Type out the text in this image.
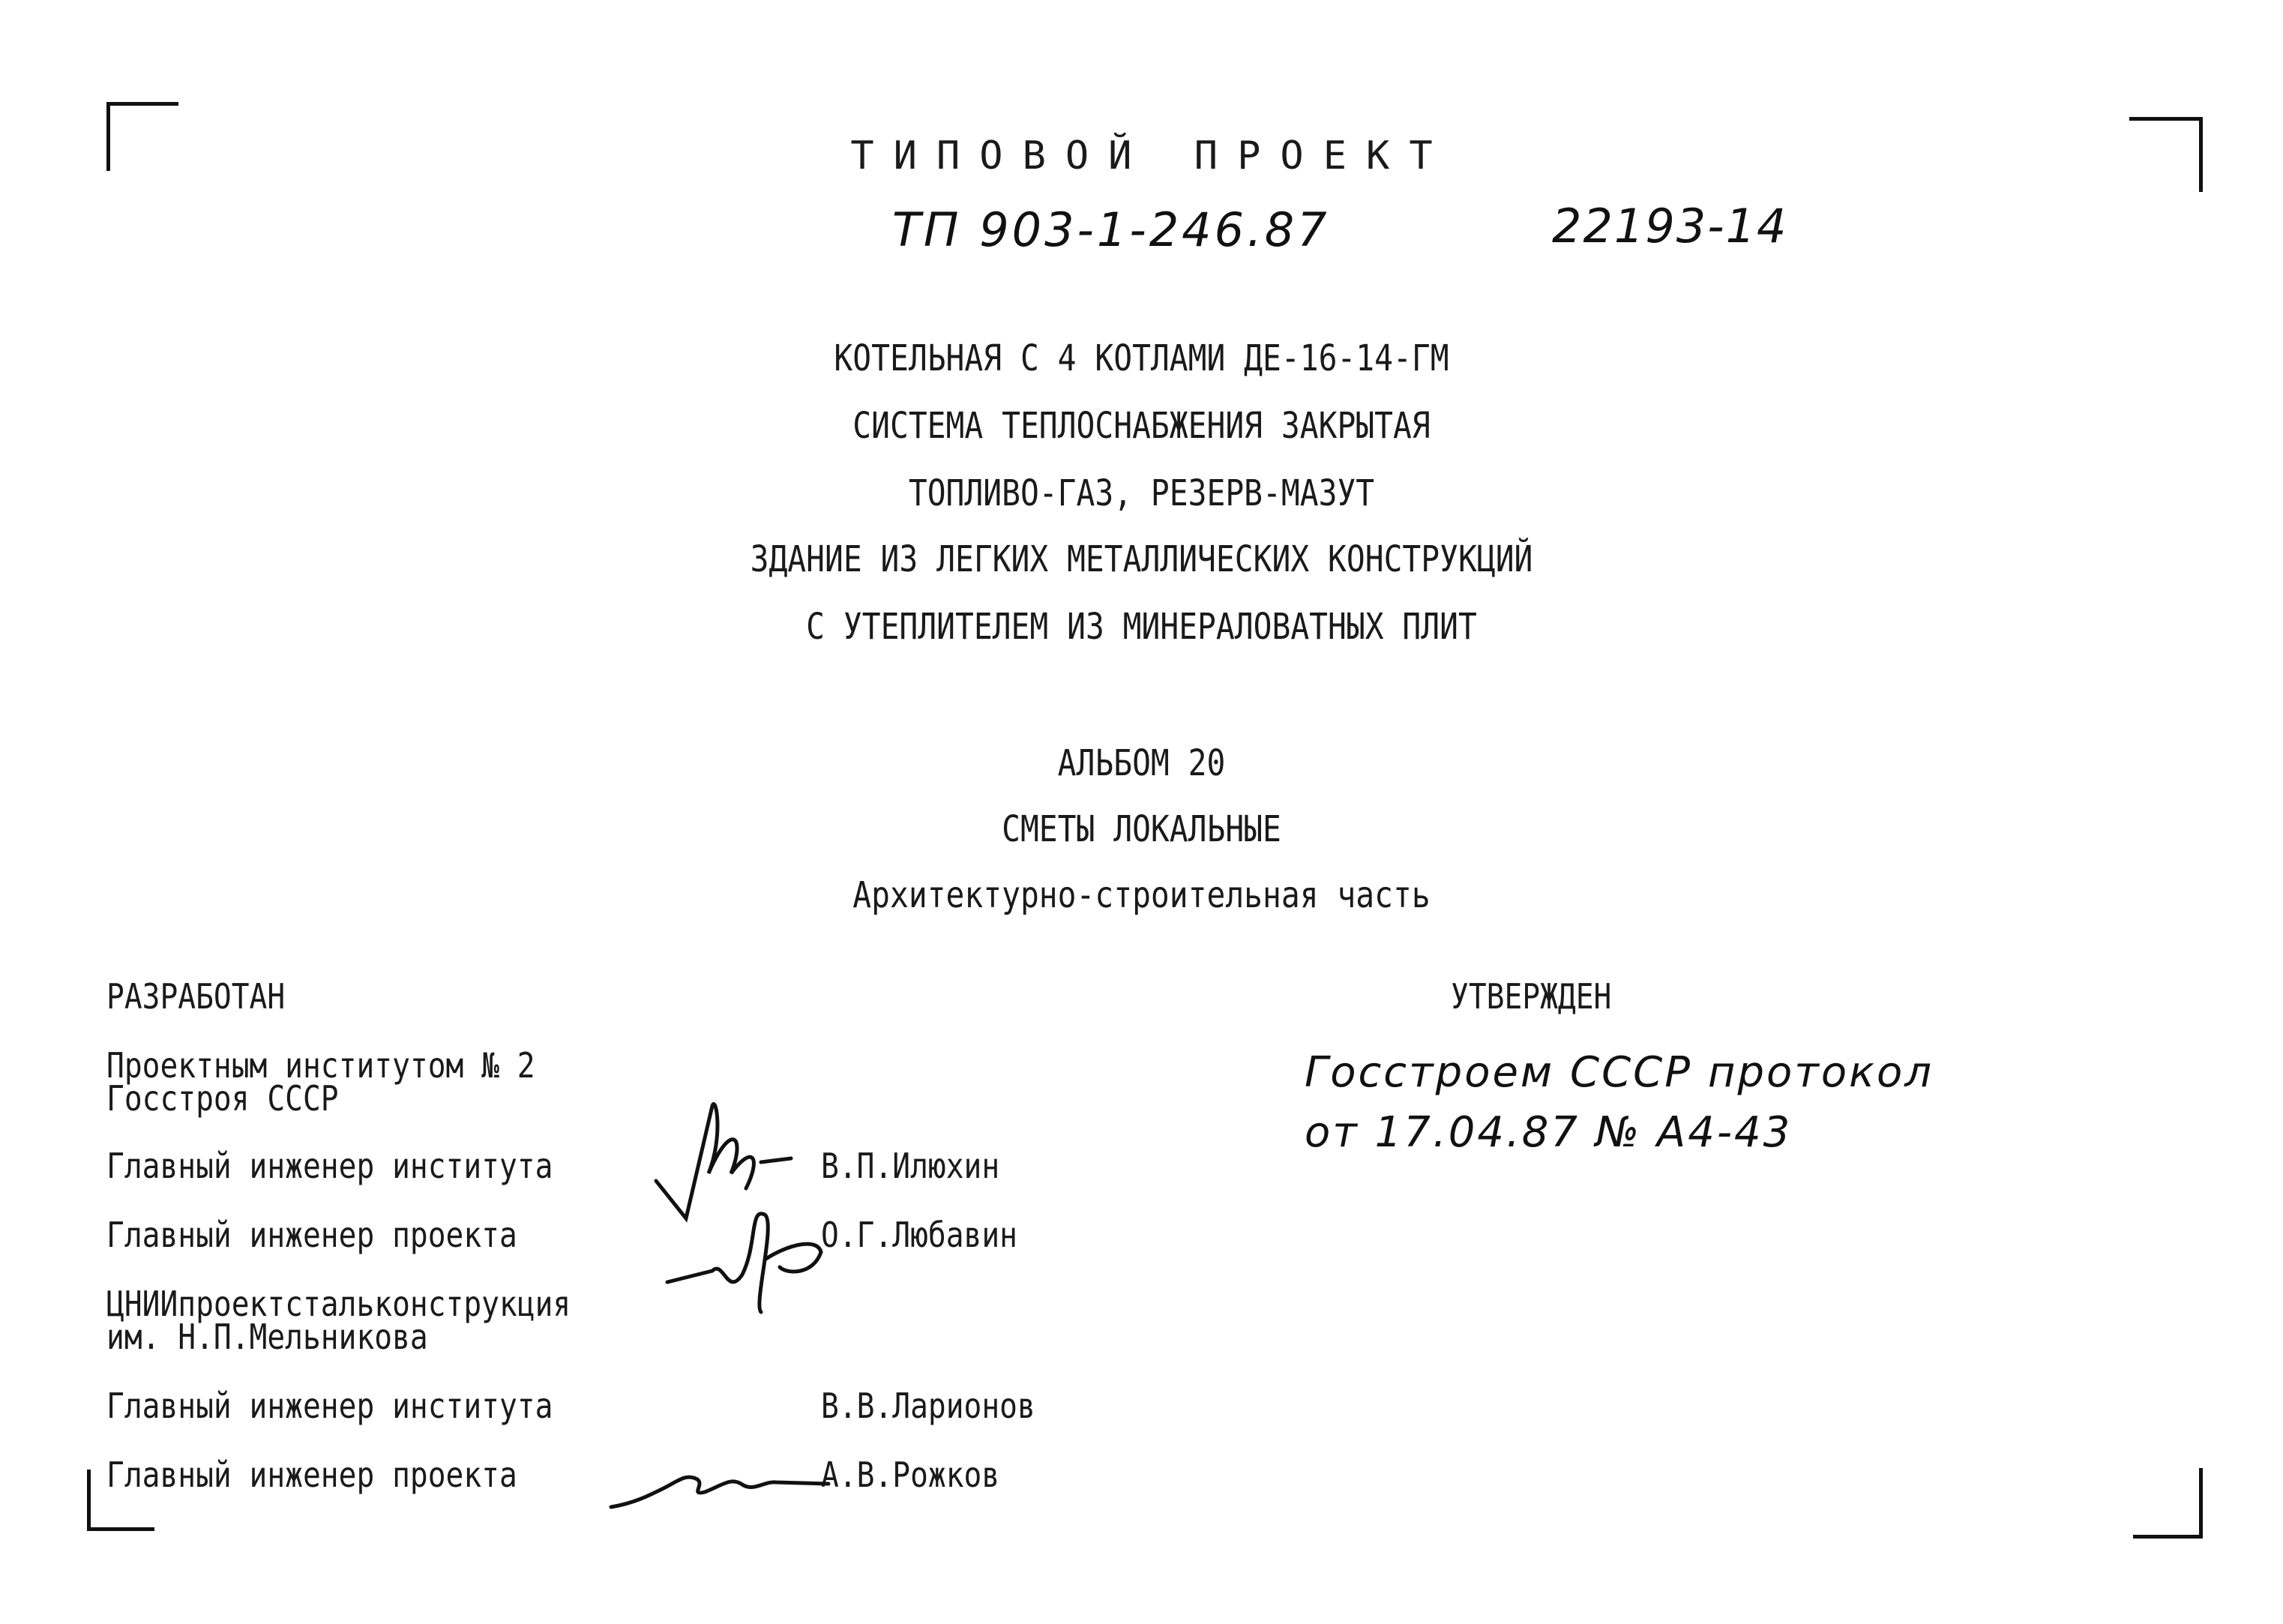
ТИПОВОЙ ПРОЕКТ
ТП 903-1-246.87	22193-14
КОТЕЛЬНАЯ С 4 КОТЛАМИ ДЕ-16-14-ГМ
СИСТЕМА ТЕПЛОСНАБЖЕНИЯ ЗАКРЫТАЯ
ТОПЛИВО-ГАЗ, РЕЗЕРВ-МАЗУТ
ЗДАНИЕ ИЗ ЛЕГКИХ МЕТАЛЛИЧЕСКИХ КОНСТРУКЦИЙ
С УТЕПЛИТЕЛЕМ ИЗ МИНЕРАЛОВАТНЫХ ПЛИТ
АЛЬБОМ 20
СМЕТЫ ЛОКАЛЬНЫЕ
Архитектурно-строительная часть
РАЗРАБОТАН
Проектным институтом № 2
Госстроя СССР
Главный инженер института	В.П.Илюхин
Главный инженер проекта	О.Г.Любавин
ЦНИИпроектстальконструкция
им. Н.П.Мельникова
Главный инженер института	В.В.Ларионов
Главный инженер проекта	А.В.Рожков
УТВЕРЖДЕН
Госстроем СССР протокол
от 17.04.87 № А4-43
